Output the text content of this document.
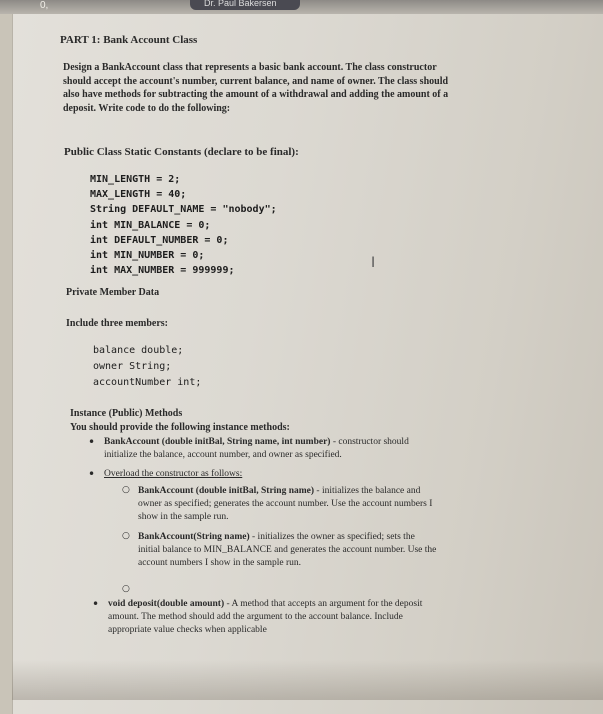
0,	Dr. Paul Bakersen
PART 1: Bank Account Class
Design a BankAccount class that represents a basic bank account. The class constructor
should accept the account's number, current balance, and name of owner. The class should
also have methods for subtracting the amount of a withdrawal and adding the amount of a
deposit. Write code to do the following:
Public Class Static Constants (declare to be final):
MIN_LENGTH = 2;
MAX_LENGTH = 40;
String DEFAULT_NAME = "nobody";
int MIN_BALANCE = 0;
int DEFAULT_NUMBER = 0;
int MIN_NUMBER = 0;
int MAX_NUMBER = 999999;	I
Private Member Data
Include three members:
balance double;
owner String;
accountNumber int;
Instance (Public) Methods
You should provide the following instance methods:
• BankAccount (double initBal, String name, int number) - constructor should
initialize the balance, account number, and owner as specified.
• Overload the constructor as follows:
○ BankAccount (double initBal, String name) - initializes the balance and
owner as specified; generates the account number. Use the account numbers I
show in the sample run.
○ BankAccount(String name) - initializes the owner as specified; sets the
initial balance to MIN_BALANCE and generates the account number. Use the
account numbers I show in the sample run.
○
• void deposit(double amount) - A method that accepts an argument for the deposit
amount. The method should add the argument to the account balance. Include
appropriate value checks when applicable
